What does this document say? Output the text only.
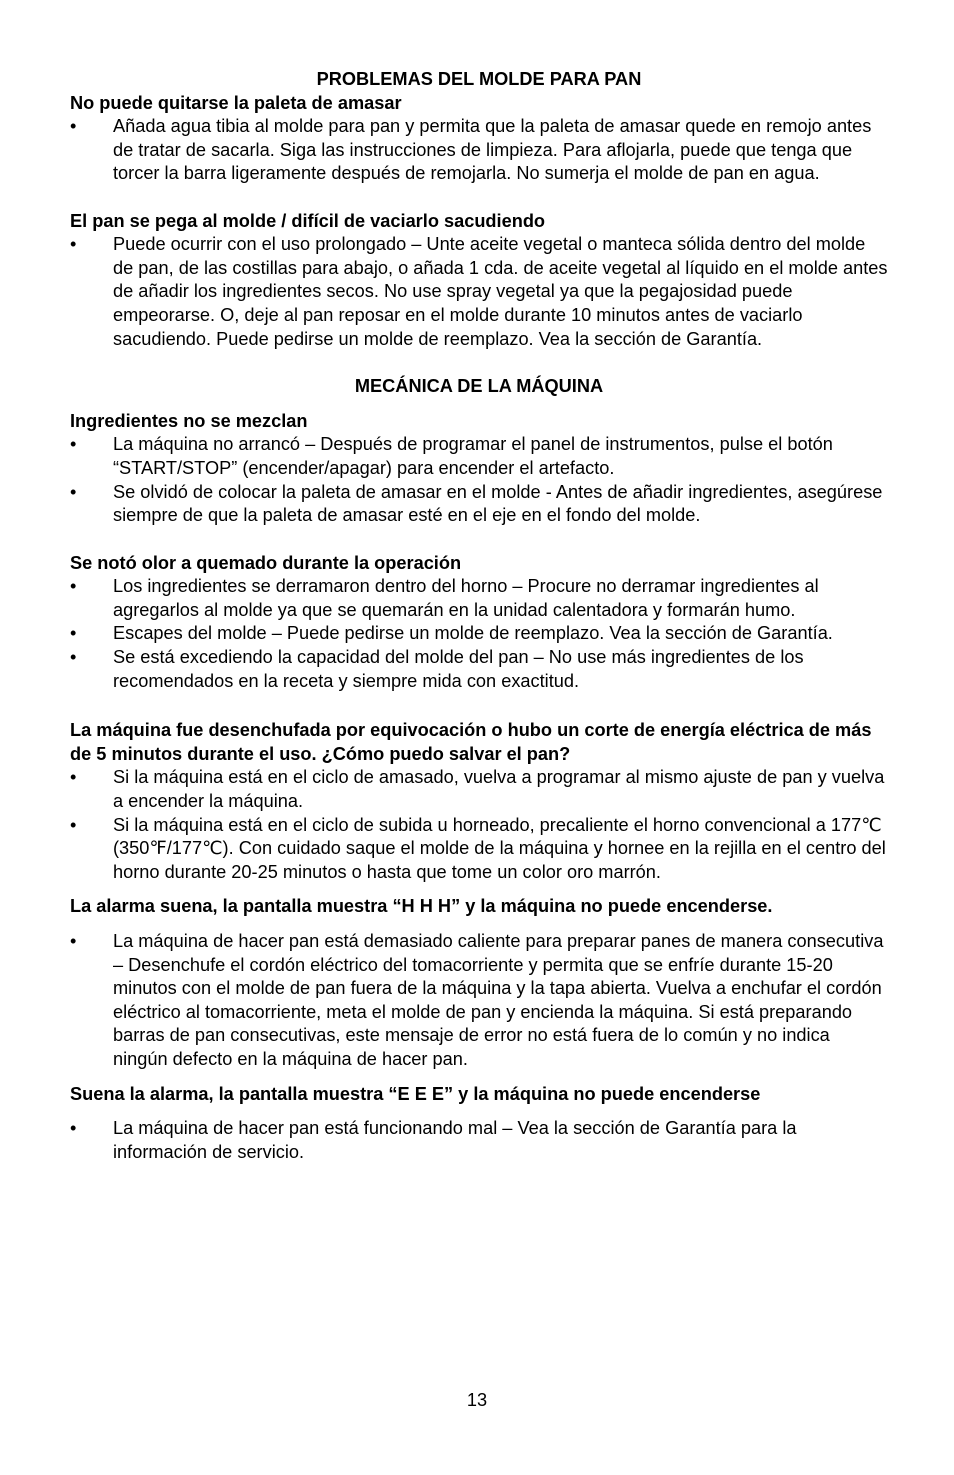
PROBLEMAS DEL MOLDE PARA PAN

No puede quitarse la paleta de amasar

• Añada agua tibia al molde para pan y permita que la paleta de amasar quede en remojo antes de tratar de sacarla. Siga las instrucciones de limpieza. Para aflojarla, puede que tenga que torcer la barra ligeramente después de remojarla. No sumerja el molde de pan en agua.

El pan se pega al molde / difícil de vaciarlo sacudiendo

• Puede ocurrir con el uso prolongado – Unte aceite vegetal o manteca sólida dentro del molde de pan, de las costillas para abajo, o añada 1 cda. de aceite vegetal al líquido en el molde antes de añadir los ingredientes secos. No use spray vegetal ya que la pegajosidad puede empeorarse. O, deje al pan reposar en el molde durante 10 minutos antes de vaciarlo sacudiendo. Puede pedirse un molde de reemplazo. Vea la sección de Garantía.

MECÁNICA DE LA MÁQUINA

Ingredientes no se mezclan

• La máquina no arrancó – Después de programar el panel de instrumentos, pulse el botón “START/STOP” (encender/apagar) para encender el artefacto.
• Se olvidó de colocar la paleta de amasar en el molde - Antes de añadir ingredientes, asegúrese siempre de que la paleta de amasar esté en el eje en el fondo del molde.

Se notó olor a quemado durante la operación

• Los ingredientes se derramaron dentro del horno – Procure no derramar ingredientes al agregarlos al molde ya que se quemarán en la unidad calentadora y formarán humo.
• Escapes del molde – Puede pedirse un molde de reemplazo. Vea la sección de Garantía.
• Se está excediendo la capacidad del molde del pan – No use más ingredientes de los recomendados en la receta y siempre mida con exactitud.

La máquina fue desenchufada por equivocación o hubo un corte de energía eléctrica de más de 5 minutos durante el uso. ¿Cómo puedo salvar el pan?

• Si la máquina está en el ciclo de amasado, vuelva a programar al mismo ajuste de pan y vuelva a encender la máquina.
• Si la máquina está en el ciclo de subida u horneado, precaliente el horno convencional a 177℃ (350℉/177℃). Con cuidado saque el molde de la máquina y hornee en la rejilla en el centro del horno durante 20-25 minutos o hasta que tome un color oro marrón.

La alarma suena, la pantalla muestra “H H H” y la máquina no puede encenderse.

• La máquina de hacer pan está demasiado caliente para preparar panes de manera consecutiva – Desenchufe el cordón eléctrico del tomacorriente y permita que se enfríe durante 15-20 minutos con el molde de pan fuera de la máquina y la tapa abierta. Vuelva a enchufar el cordón eléctrico al tomacorriente, meta el molde de pan y encienda la máquina. Si está preparando barras de pan consecutivas, este mensaje de error no está fuera de lo común y no indica ningún defecto en la máquina de hacer pan.

Suena la alarma, la pantalla muestra “E E E” y la máquina no puede encenderse

• La máquina de hacer pan está funcionando mal – Vea la sección de Garantía para la información de servicio.
13
